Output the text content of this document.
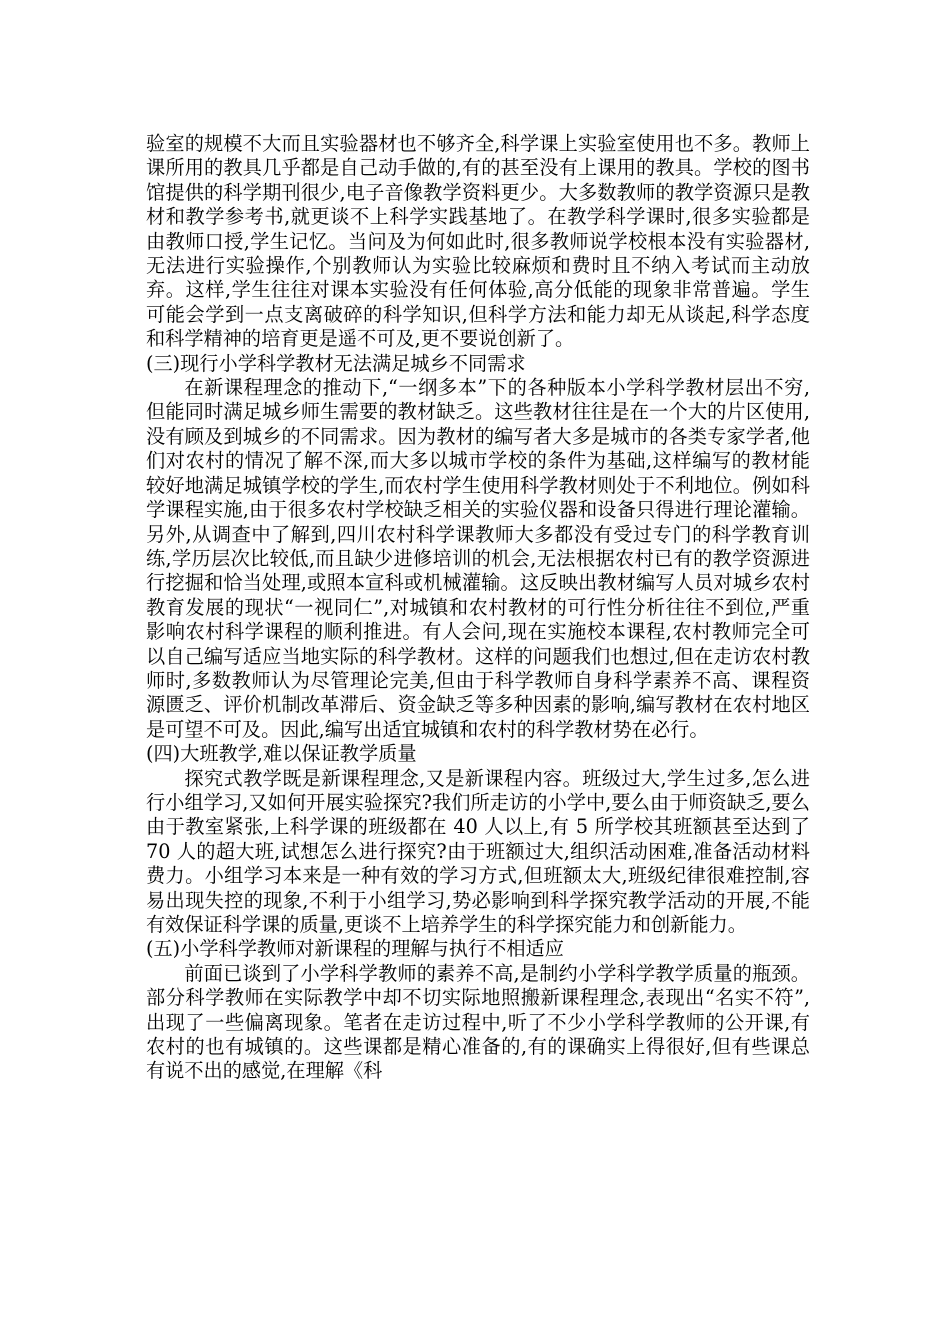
验室的规模不大而且实验器材也不够齐全,科学课上实验室使用也不多。教师上课所用的教具几乎都是自己动手做的,有的甚至没有上课用的教具。学校的图书馆提供的科学期刊很少,电子音像教学资料更少。大多数教师的教学资源只是教材和教学参考书,就更谈不上科学实践基地了。在教学科学课时,很多实验都是由教师口授,学生记忆。当问及为何如此时,很多教师说学校根本没有实验器材,无法进行实验操作,个别教师认为实验比较麻烦和费时且不纳入考试而主动放弃。这样,学生往往对课本实验没有任何体验,高分低能的现象非常普遍。学生可能会学到一点支离破碎的科学知识,但科学方法和能力却无从谈起,科学态度和科学精神的培育更是遥不可及,更不要说创新了。

(三)现行小学科学教材无法满足城乡不同需求

在新课程理念的推动下,“一纲多本”下的各种版本小学科学教材层出不穷,但能同时满足城乡师生需要的教材缺乏。这些教材往往是在一个大的片区使用,没有顾及到城乡的不同需求。因为教材的编写者大多是城市的各类专家学者,他们对农村的情况了解不深,而大多以城市学校的条件为基础,这样编写的教材能较好地满足城镇学校的学生,而农村学生使用科学教材则处于不利地位。例如科学课程实施,由于很多农村学校缺乏相关的实验仪器和设备只得进行理论灌输。另外,从调查中了解到,四川农村科学课教师大多都没有受过专门的科学教育训练,学历层次比较低,而且缺少进修培训的机会,无法根据农村已有的教学资源进行挖掘和恰当处理,或照本宣科或机械灌输。这反映出教材编写人员对城乡农村教育发展的现状“一视同仁”,对城镇和农村教材的可行性分析往往不到位,严重影响农村科学课程的顺利推进。有人会问,现在实施校本课程,农村教师完全可以自己编写适应当地实际的科学教材。这样的问题我们也想过,但在走访农村教师时,多数教师认为尽管理论完美,但由于科学教师自身科学素养不高、课程资源匮乏、评价机制改革滞后、资金缺乏等多种因素的影响,编写教材在农村地区是可望不可及。因此,编写出适宜城镇和农村的科学教材势在必行。

(四)大班教学,难以保证教学质量

探究式教学既是新课程理念,又是新课程内容。班级过大,学生过多,怎么进行小组学习,又如何开展实验探究?我们所走访的小学中,要么由于师资缺乏,要么由于教室紧张,上科学课的班级都在 40 人以上,有 5 所学校其班额甚至达到了 70 人的超大班,试想怎么进行探究?由于班额过大,组织活动困难,准备活动材料费力。小组学习本来是一种有效的学习方式,但班额太大,班级纪律很难控制,容易出现失控的现象,不利于小组学习,势必影响到科学探究教学活动的开展,不能有效保证科学课的质量,更谈不上培养学生的科学探究能力和创新能力。

(五)小学科学教师对新课程的理解与执行不相适应

前面已谈到了小学科学教师的素养不高,是制约小学科学教学质量的瓶颈。部分科学教师在实际教学中却不切实际地照搬新课程理念,表现出“名实不符”,出现了一些偏离现象。笔者在走访过程中,听了不少小学科学教师的公开课,有农村的也有城镇的。这些课都是精心准备的,有的课确实上得很好,但有些课总有说不出的感觉,在理解《科
